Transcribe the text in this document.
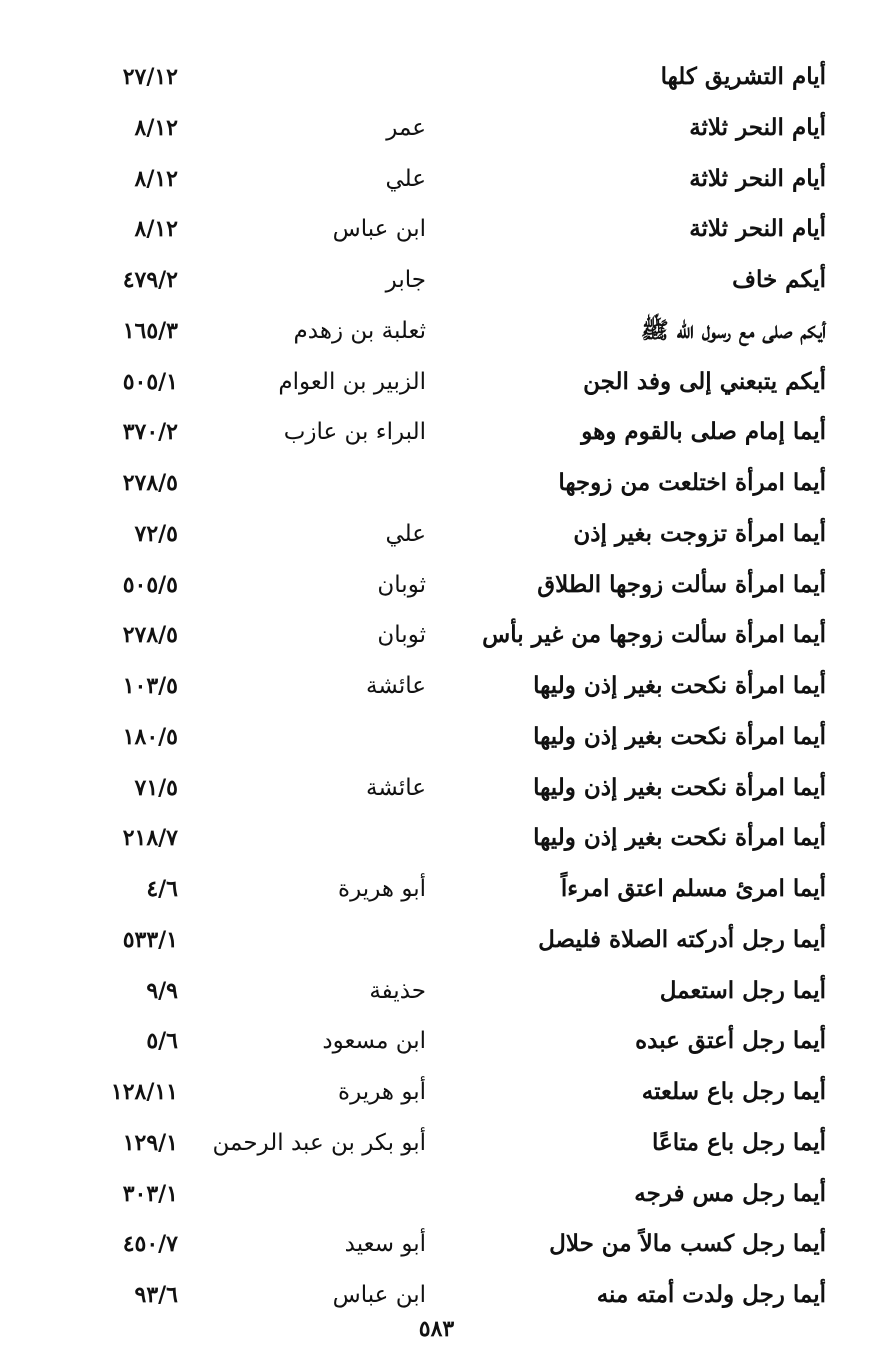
أيام التشريق كلها
٢٧/١٢
أيام النحر ثلاثة
عمر
٨/١٢
أيام النحر ثلاثة
علي
٨/١٢
أيام النحر ثلاثة
ابن عباس
٨/١٢
أيكم خاف
جابر
٤٧٩/٢
أيكم صلى مع رسول الله ﷺ
ثعلبة بن زهدم
١٦٥/٣
أيكم يتبعني إلى وفد الجن
الزبير بن العوام
٥٠٥/١
أيما إمام صلى بالقوم وهو
البراء بن عازب
٣٧٠/٢
أيما امرأة اختلعت من زوجها
٢٧٨/٥
أيما امرأة تزوجت بغير إذن
علي
٧٢/٥
أيما امرأة سألت زوجها الطلاق
ثوبان
٥٠٥/٥
أيما امرأة سألت زوجها من غير بأس
ثوبان
٢٧٨/٥
أيما امرأة نكحت بغير إذن وليها
عائشة
١٠٣/٥
أيما امرأة نكحت بغير إذن وليها
١٨٠/٥
أيما امرأة نكحت بغير إذن وليها
عائشة
٧١/٥
أيما امرأة نكحت بغير إذن وليها
٢١٨/٧
أيما امرئ مسلم اعتق امرءاً
أبو هريرة
٤/٦
أيما رجل أدركته الصلاة فليصل
٥٣٣/١
أيما رجل استعمل
حذيفة
٩/٩
أيما رجل أعتق عبده
ابن مسعود
٥/٦
أيما رجل باع سلعته
أبو هريرة
١٢٨/١١
أيما رجل باع متاعًا
أبو بكر بن عبد الرحمن
١٢٩/١
أيما رجل مس فرجه
٣٠٣/١
أيما رجل كسب مالاً من حلال
أبو سعيد
٤٥٠/٧
أيما رجل ولدت أمته منه
ابن عباس
٩٣/٦
٥٨٣
